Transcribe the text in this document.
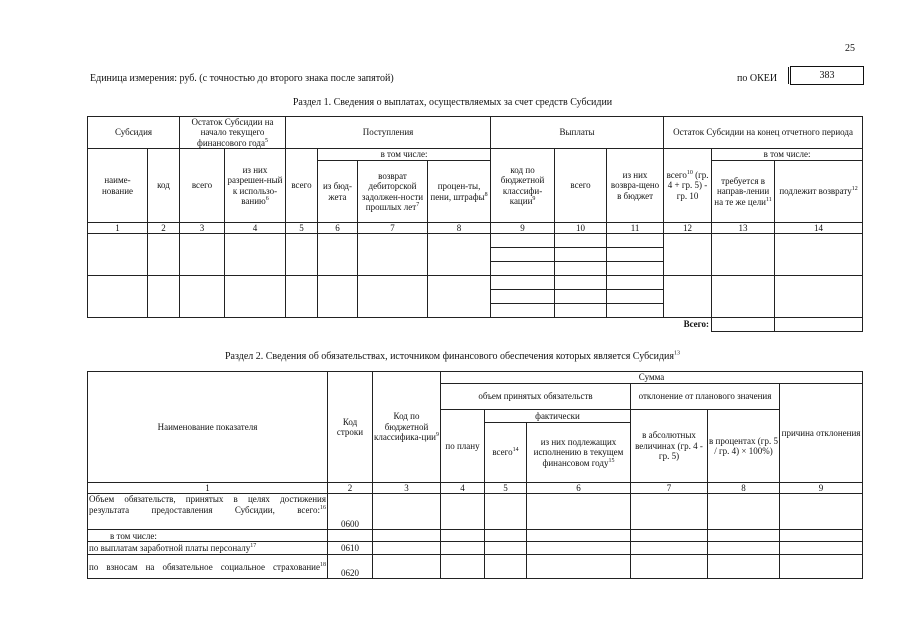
25
Единица измерения: руб. (с точностью до второго знака после запятой)	по ОКЕИ	383
Раздел 1. Сведения о выплатах, осуществляемых за счет средств Субсидии
Субсидия		Остаток Субсидии на начало текущего финансового года$^5$		Поступления				Выплаты			Остаток Субсидии на конец отчетного периода		
наиме-нование	код	всего	из них разрешен-ный к использо-ванию$^6$	всего	в том числе:			код по бюджетной классифи-кации$^9$	всего	из них возвра-щено в бюджет	всего$^{10}$ (гр. 4 + гр. 5) - гр. 10	в том числе:	
					из бюд-жета	возврат дебиторской задолжен-ности прошлых лет$^7$	процен-ты, пени, штрафы$^8$					требуется в направ-лении на те же цели$^{11}$	подлежит возврату$^{12}$
1	2	3	4	5	6	7	8	9	10	11	12	13	14

											Всего:		

Раздел 2. Сведения об обязательствах, источником финансового обеспечения которых является Субсидия$^{13}$
Наименование показателя	Код строки	Код по бюджетной классифика-ции$^9$	Сумма					
			объем принятых обязательств			отклонение от планового значения		причина отклонения
			по плану	фактически		в абсолютных величинах (гр. 4 - гр. 5)	в процентах (гр. 5 / гр. 4) × 100%)	
				всего$^{14}$	из них подлежащих исполнению в текущем финансовом году$^{15}$
1	2	3	4	5	6	7	8	9
Объем обязательств, принятых в целях достижения результата предоставления Субсидии, всего:$^{16}$	0600							
в том числе:								
по выплатам заработной платы персоналу$^{17}$	0610							
по взносам на обязательное социальное страхование$^{18}$	0620							
